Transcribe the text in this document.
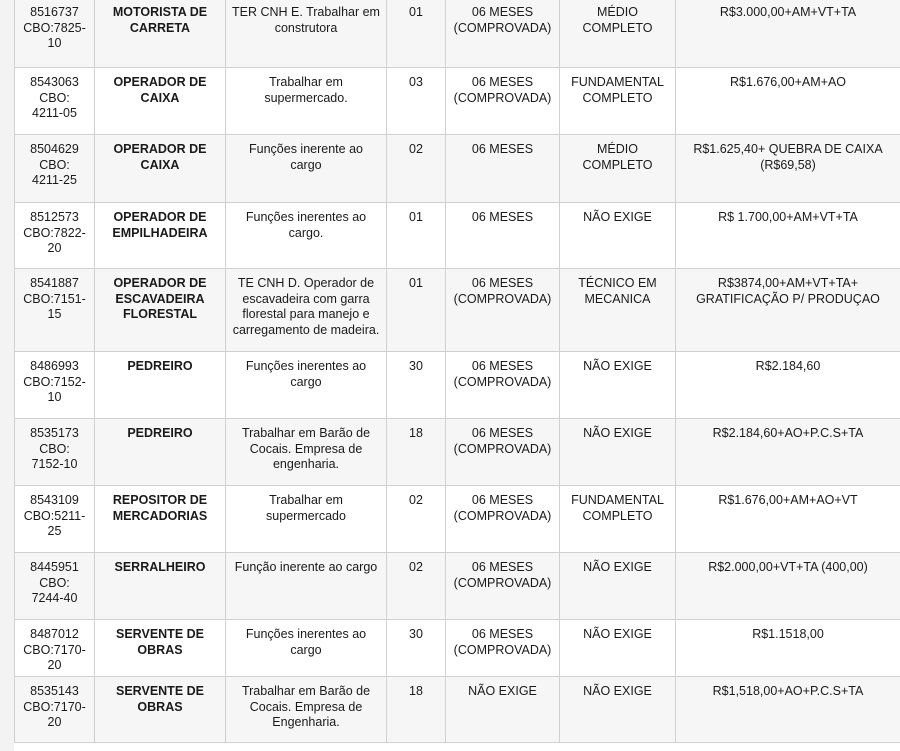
8516737
CBO:7825-
10	MOTORISTA DE
CARRETA	TER CNH E. Trabalhar em
construtora	01	06 MESES
(COMPROVADA)	MÉDIO
COMPLETO	R$3.000,00+AM+VT+TA
8543063
CBO:
4211-05	OPERADOR DE
CAIXA	Trabalhar em
supermercado.	03	06 MESES
(COMPROVADA)	FUNDAMENTAL
COMPLETO	R$1.676,00+AM+AO
8504629
CBO:
4211-25	OPERADOR DE
CAIXA	Funções inerente ao
cargo	02	06 MESES	MÉDIO
COMPLETO	R$1.625,40+ QUEBRA DE CAIXA
(R$69,58)
8512573
CBO:7822-
20	OPERADOR DE
EMPILHADEIRA	Funções inerentes ao
cargo.	01	06 MESES	NÃO EXIGE	R$ 1.700,00+AM+VT+TA
8541887
CBO:7151-
15	OPERADOR DE
ESCAVADEIRA
FLORESTAL	TE CNH D. Operador de
escavadeira com garra
florestal para manejo e
carregamento de madeira.	01	06 MESES
(COMPROVADA)	TÉCNICO EM
MECANICA	R$3874,00+AM+VT+TA+
GRATIFICAÇÃO P/ PRODUÇAO
8486993
CBO:7152-
10	PEDREIRO	Funções inerentes ao
cargo	30	06 MESES
(COMPROVADA)	NÃO EXIGE	R$2.184,60
8535173
CBO:
7152-10	PEDREIRO	Trabalhar em Barão de
Cocais. Empresa de
engenharia.	18	06 MESES
(COMPROVADA)	NÃO EXIGE	R$2.184,60+AO+P.C.S+TA
8543109
CBO:5211-
25	REPOSITOR DE
MERCADORIAS	Trabalhar em
supermercado	02	06 MESES
(COMPROVADA)	FUNDAMENTAL
COMPLETO	R$1.676,00+AM+AO+VT
8445951
CBO:
7244-40	SERRALHEIRO	Função inerente ao cargo	02	06 MESES
(COMPROVADA)	NÃO EXIGE	R$2.000,00+VT+TA (400,00)
8487012
CBO:7170-
20	SERVENTE DE
OBRAS	Funções inerentes ao
cargo	30	06 MESES
(COMPROVADA)	NÃO EXIGE	R$1.1518,00
8535143
CBO:7170-
20	SERVENTE DE
OBRAS	Trabalhar em Barão de
Cocais. Empresa de
Engenharia.	18	NÃO EXIGE	NÃO EXIGE	R$1,518,00+AO+P.C.S+TA
